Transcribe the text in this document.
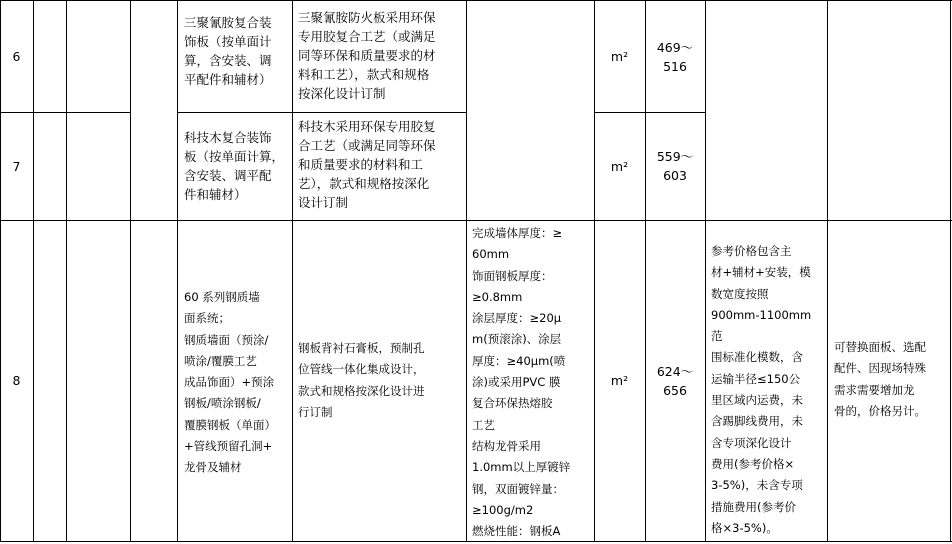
6
三聚氰胺复合装
饰板（按单面计
算，含安装、调
平配件和辅材）
三聚氰胺防火板采用环保
专用胶复合工艺（或满足
同等环保和质量要求的材
料和工艺），款式和规格
按深化设计订制
m²
469～
516
7
科技木复合装饰
板（按单面计算，
含安装、调平配
件和辅材）
科技木采用环保专用胶复
合工艺（或满足同等环保
和质量要求的材料和工
艺），款式和规格按深化
设计订制
m²
559～
603
8
60 系列钢质墙
面系统；
钢质墙面（预涂/
喷涂/覆膜工艺
成品饰面）+预涂
钢板/喷涂钢板/
覆膜钢板（单面）
+管线预留孔洞+
龙骨及辅材
钢板背衬石膏板，预制孔
位管线一体化集成设计，
款式和规格按深化设计进
行订制
完成墙体厚度：≥
60mm
饰面钢板厚度：
≥0.8mm
涂层厚度：≥20μ
m(预滚涂)、涂层
厚度：≥40μm(喷
涂)或采用PVC 膜
复合环保热熔胶
工艺
结构龙骨采用
1.0mm以上厚镀锌
钢，双面镀锌量：
≥100g/m2
燃烧性能：钢板A
m²
624～
656
参考价格包含主
材+辅材+安装，模
数宽度按照
900mm-1100mm 范
围标准化模数，含
运输半径≤150公
里区域内运费，未
含踢脚线费用，未
含专项深化设计
费用(参考价格×
3-5%)，未含专项
措施费用(参考价
格×3-5%)。
可替换面板、选配
配件、因现场特殊
需求需要增加龙
骨的，价格另计。
